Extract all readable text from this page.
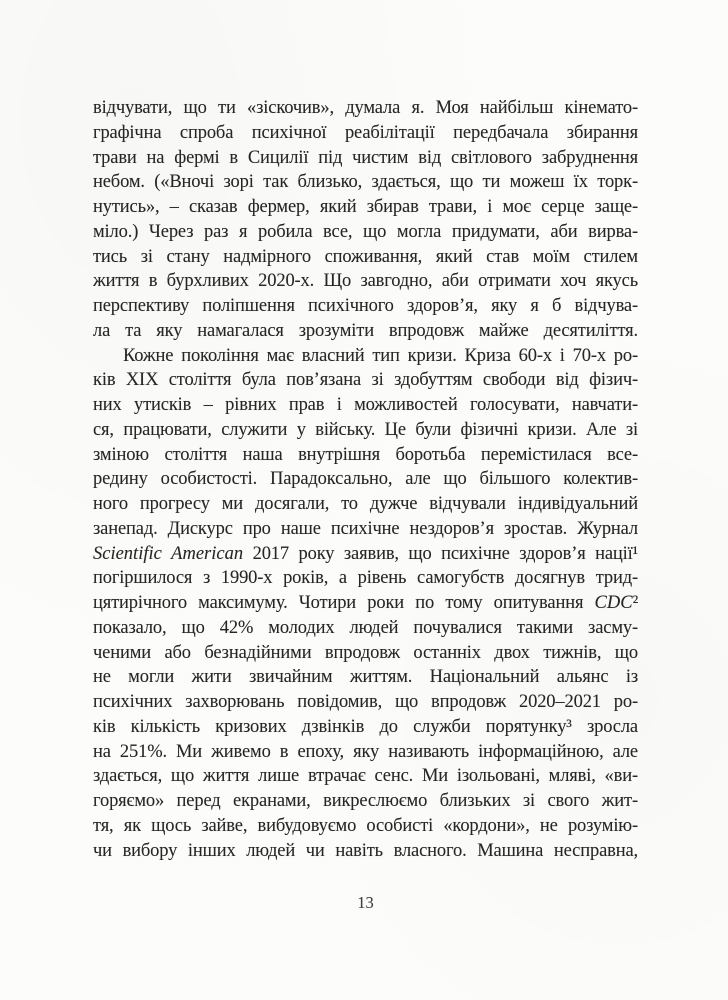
відчувати, що ти «зіскочив», думала я. Моя найбільш кінемато-
графічна спроба психічної реабілітації передбачала збирання
трави на фермі в Сицилії під чистим від світлового забруднення
небом. («Вночі зорі так близько, здається, що ти можеш їх торк-
нутись», – сказав фермер, який збирав трави, і моє серце заще-
міло.) Через раз я робила все, що могла придумати, аби вирва-
тись зі стану надмірного споживання, який став моїм стилем
життя в бурхливих 2020-х. Що завгодно, аби отримати хоч якусь
перспективу поліпшення психічного здоров’я, яку я б відчува-
ла та яку намагалася зрозуміти впродовж майже десятиліття.
Кожне покоління має власний тип кризи. Криза 60-х і 70-х ро-
ків XIX століття була пов’язана зі здобуттям свободи від фізич-
них утисків – рівних прав і можливостей голосувати, навчати-
ся, працювати, служити у війську. Це були фізичні кризи. Але зі
зміною століття наша внутрішня боротьба перемістилася все-
редину особистості. Парадоксально, але що більшого колектив-
ного прогресу ми досягали, то дужче відчували індивідуальний
занепад. Дискурс про наше психічне нездоров’я зростав. Журнал
Scientific American 2017 року заявив, що психічне здоров’я нації¹
погіршилося з 1990-х років, а рівень самогубств досягнув трид-
цятирічного максимуму. Чотири роки по тому опитування CDC²
показало, що 42% молодих людей почувалися такими засму-
ченими або безнадійними впродовж останніх двох тижнів, що
не могли жити звичайним життям. Національний альянс із
психічних захворювань повідомив, що впродовж 2020–2021 ро-
ків кількість кризових дзвінків до служби порятунку³ зросла
на 251%. Ми живемо в епоху, яку називають інформаційною, але
здається, що життя лише втрачає сенс. Ми ізольовані, мляві, «ви-
горяємо» перед екранами, викреслюємо близьких зі свого жит-
тя, як щось зайве, вибудовуємо особисті «кордони», не розумію-
чи вибору інших людей чи навіть власного. Машина несправна,
13
